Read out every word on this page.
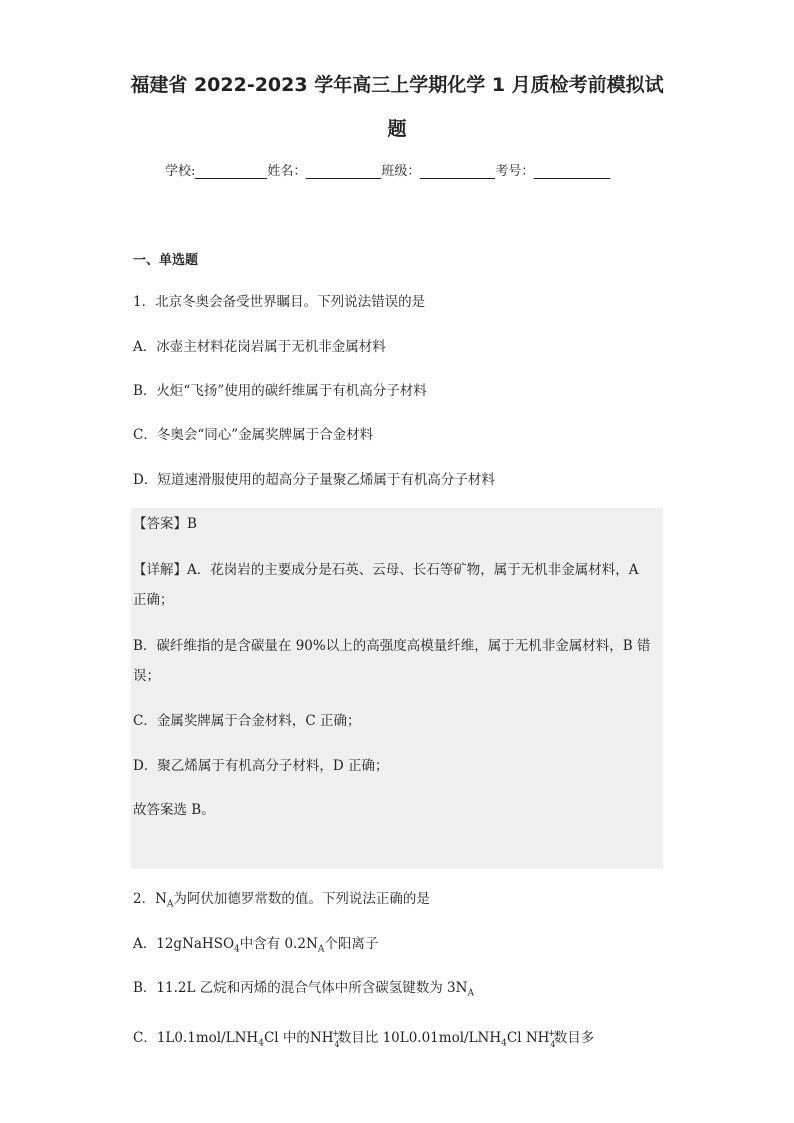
福建省 2022-2023 学年高三上学期化学 1 月质检考前模拟试
题
学校:	姓名：	班级：	考号：
一、单选题
1．北京冬奥会备受世界瞩目。下列说法错误的是
A．冰壶主材料花岗岩属于无机非金属材料
B．火炬“飞扬”使用的碳纤维属于有机高分子材料
C．冬奥会“同心”金属奖牌属于合金材料
D．短道速滑服使用的超高分子量聚乙烯属于有机高分子材料
【答案】B
【详解】A．花岗岩的主要成分是石英、云母、长石等矿物，属于无机非金属材料，A
正确；
B．碳纤维指的是含碳量在 90%以上的高强度高模量纤维，属于无机非金属材料，B 错
误；
C．金属奖牌属于合金材料，C 正确；
D．聚乙烯属于有机高分子材料，D 正确；
故答案选 B。
2．$N_A$为阿伏加德罗常数的值。下列说法正确的是
A．12gNaHSO$_4$中含有 $0.2N_A$个阳离子
B．11.2L 乙烷和丙烯的混合气体中所含碳氢键数为 $3N_A$
C．$1L0.1mol/LNH_4Cl$ 中的NH
+
4
数目比 $10L0.01mol/LNH_4Cl$ NH
+
4
数目多
